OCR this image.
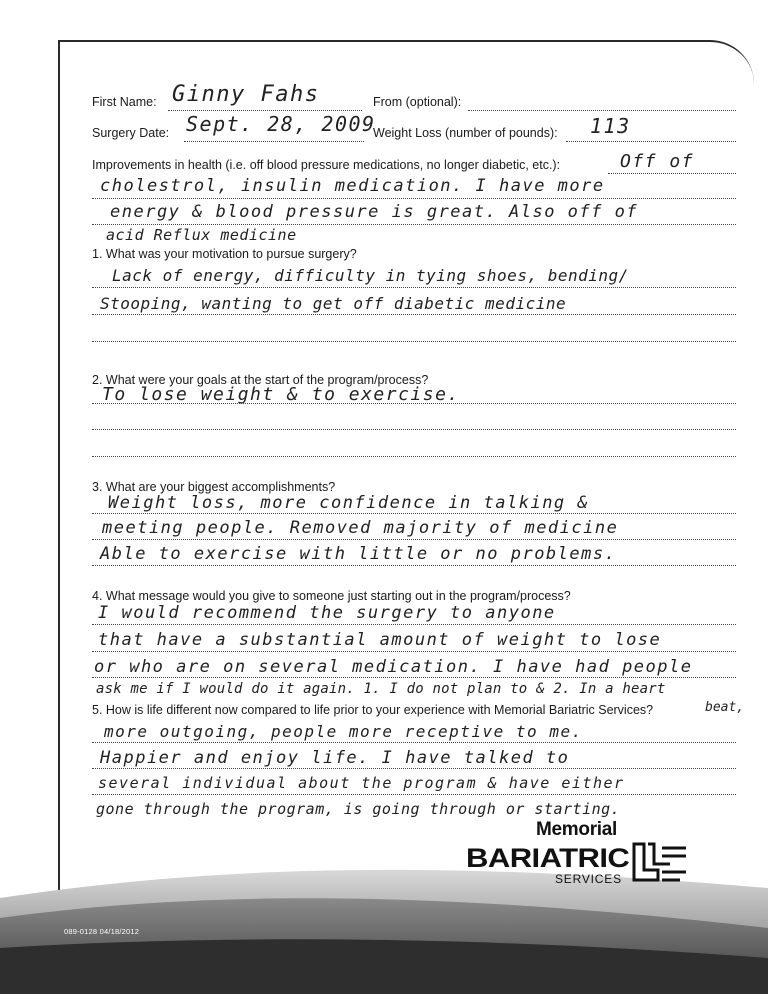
First Name: Ginny Fahs	From (optional):
Surgery Date: Sept. 28, 2009
Weight Loss (number of pounds): 113
Improvements in health (i.e. off blood pressure medications, no longer diabetic, etc.):	Off of
cholestrol, insulin medication. I have more
energy & blood pressure is great. Also off of
acid Reflux medicine
1. What was your motivation to pursue surgery?
Lack of energy, difficulty in tying shoes, bending/
Stooping, wanting to get off diabetic medicine
2. What were your goals at the start of the program/process?
To lose weight & to exercise.
3. What are your biggest accomplishments?
Weight loss, more confidence in talking &
meeting people. Removed majority of medicine
Able to exercise with little or no problems.
4. What message would you give to someone just starting out in the program/process?
I would recommend the surgery to anyone
that have a substantial amount of weight to lose
or who are on several medication. I have had people
ask me if I would do it again. 1. I do not plan to & 2. In a heart
5. How is life different now compared to life prior to your experience with Memorial Bariatric Services?	beat,
more outgoing, people more receptive to me.
Happier and enjoy life. I have talked to
several individual about the program & have either
gone through the program, is going through or starting.
Memorial
BARIATRIC
SERVICES
089-0128 04/18/2012
